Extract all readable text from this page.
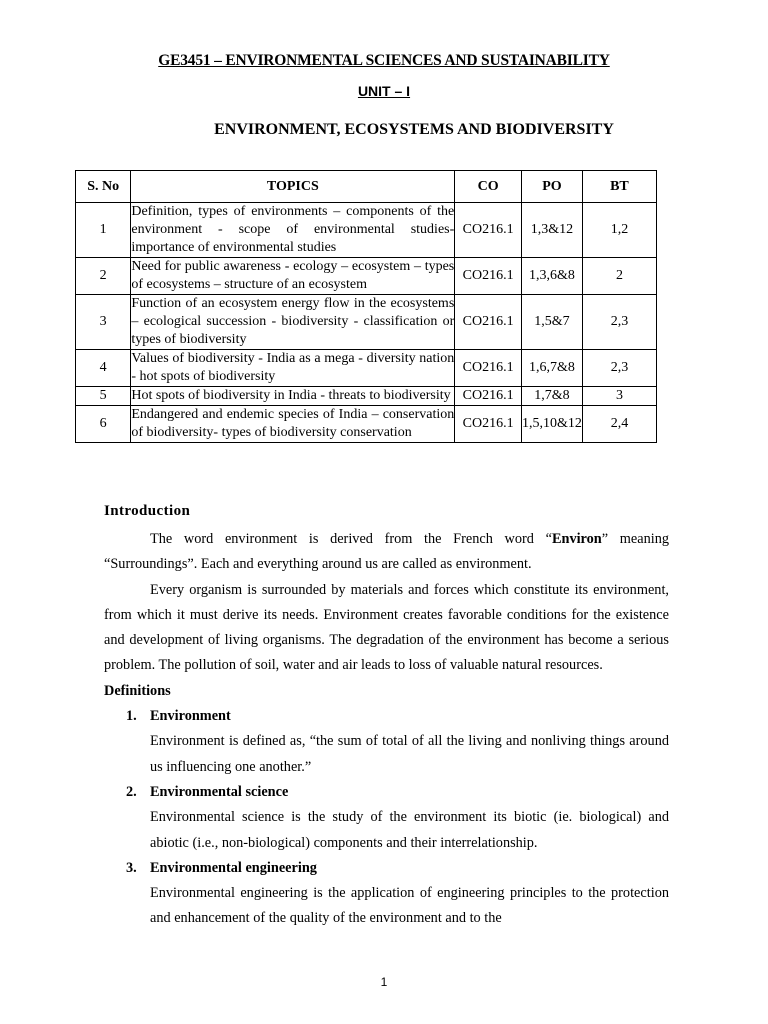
GE3451 – ENVIRONMENTAL SCIENCES AND SUSTAINABILITY
UNIT – I
ENVIRONMENT, ECOSYSTEMS AND BIODIVERSITY
S. No	TOPICS	CO	PO	BT
1	Definition, types of environments – components of the environment - scope of environmental studies- importance of environmental studies	CO216.1	1,3&12	1,2
2	Need for public awareness - ecology – ecosystem – types of ecosystems – structure of an ecosystem	CO216.1	1,3,6&8	2
3	Function of an ecosystem energy flow in the ecosystems – ecological succession - biodiversity - classification or types of biodiversity	CO216.1	1,5&7	2,3
4	Values of biodiversity - India as a mega - diversity nation - hot spots of biodiversity	CO216.1	1,6,7&8	2,3
5	Hot spots of biodiversity in India - threats to biodiversity	CO216.1	1,7&8	3
6	Endangered and endemic species of India – conservation of biodiversity- types of biodiversity conservation	CO216.1	1,5,10&12	2,4
Introduction

The word environment is derived from the French word “Environ” meaning “Surroundings”. Each and everything around us are called as environment.

Every organism is surrounded by materials and forces which constitute its environment, from which it must derive its needs. Environment creates favorable conditions for the existence and development of living organisms. The degradation of the environment has become a serious problem. The pollution of soil, water and air leads to loss of valuable natural resources.

Definitions

1. Environment
Environment is defined as, “the sum of total of all the living and nonliving things around us influencing one another.”
2. Environmental science
Environmental science is the study of the environment its biotic (ie. biological) and abiotic (i.e., non-biological) components and their interrelationship.
3. Environmental engineering
Environmental engineering is the application of engineering principles to the protection and enhancement of the quality of the environment and to the
1
